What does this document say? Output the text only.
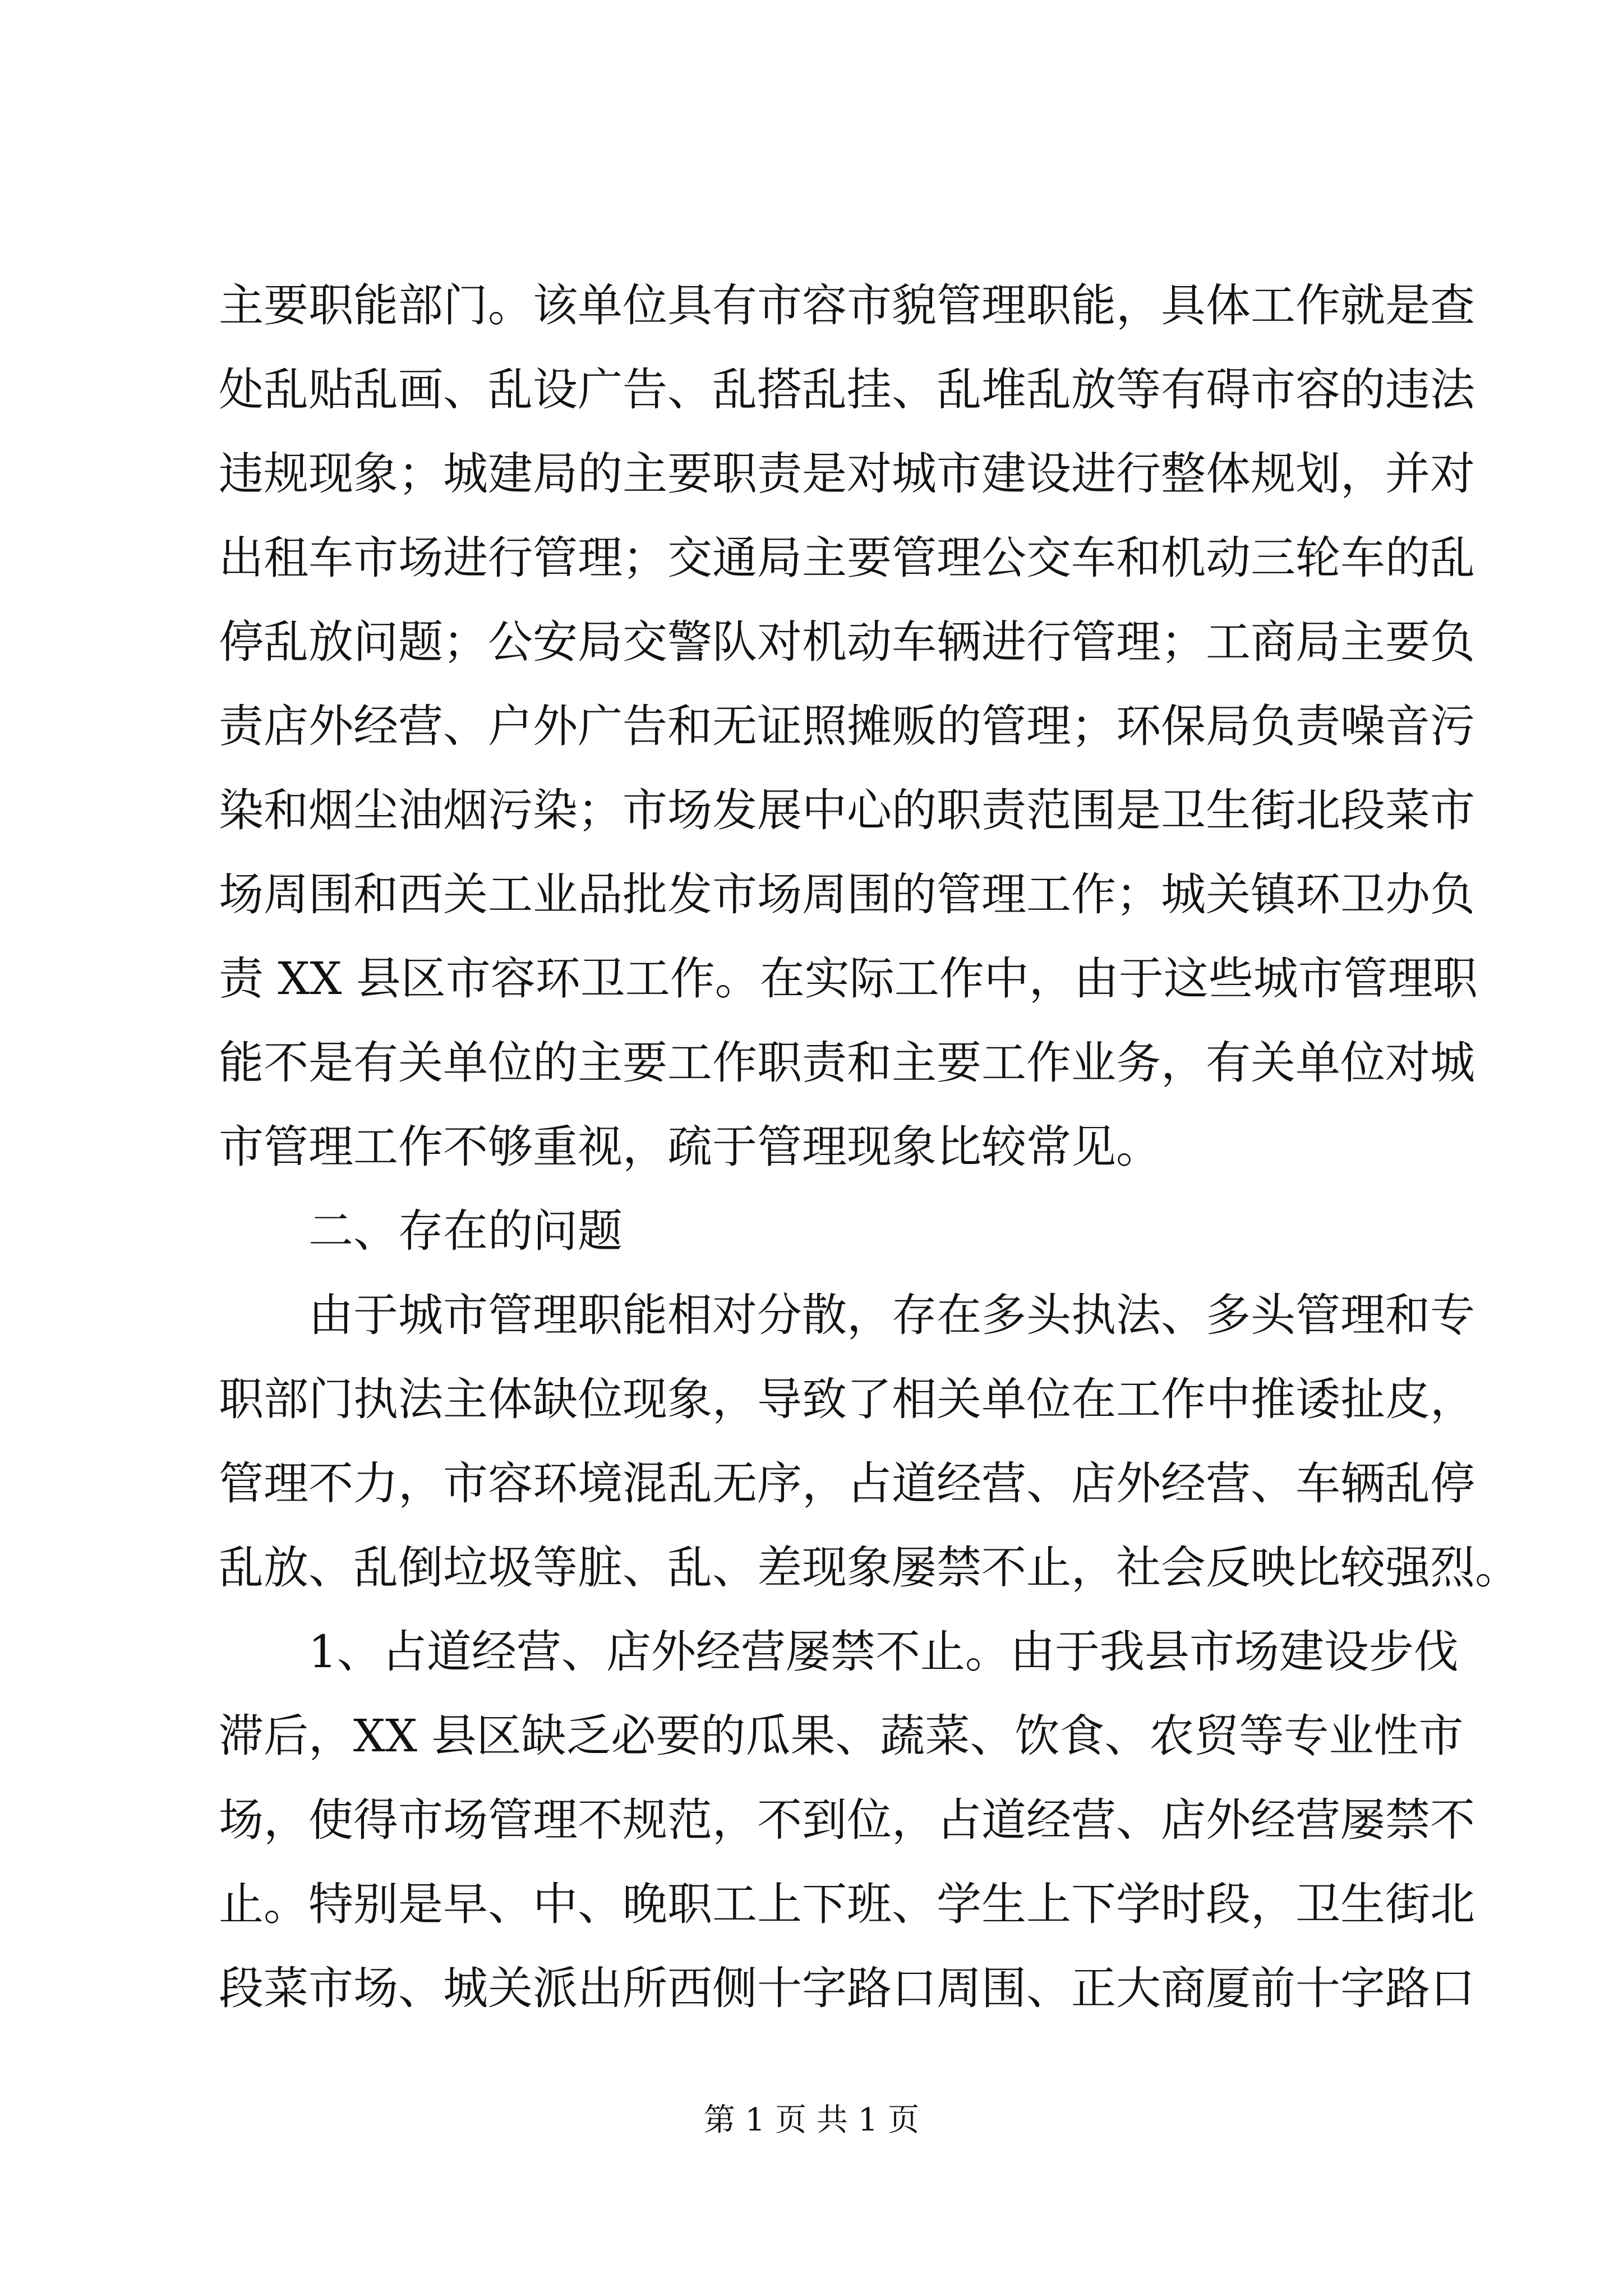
主要职能部门。该单位具有市容市貌管理职能，具体工作就是查
处乱贴乱画、乱设广告、乱搭乱挂、乱堆乱放等有碍市容的违法
违规现象；城建局的主要职责是对城市建设进行整体规划，并对
出租车市场进行管理；交通局主要管理公交车和机动三轮车的乱
停乱放问题；公安局交警队对机动车辆进行管理；工商局主要负
责店外经营、户外广告和无证照摊贩的管理；环保局负责噪音污
染和烟尘油烟污染；市场发展中心的职责范围是卫生街北段菜市
场周围和西关工业品批发市场周围的管理工作；城关镇环卫办负
责 XX 县区市容环卫工作。在实际工作中，由于这些城市管理职
能不是有关单位的主要工作职责和主要工作业务，有关单位对城
市管理工作不够重视，疏于管理现象比较常见。
二、存在的问题
由于城市管理职能相对分散，存在多头执法、多头管理和专
职部门执法主体缺位现象，导致了相关单位在工作中推诿扯皮，
管理不力，市容环境混乱无序，占道经营、店外经营、车辆乱停
乱放、乱倒垃圾等脏、乱、差现象屡禁不止，社会反映比较强烈。
1、占道经营、店外经营屡禁不止。由于我县市场建设步伐
滞后，XX 县区缺乏必要的瓜果、蔬菜、饮食、农贸等专业性市
场，使得市场管理不规范，不到位，占道经营、店外经营屡禁不
止。特别是早、中、晚职工上下班、学生上下学时段，卫生街北
段菜市场、城关派出所西侧十字路口周围、正大商厦前十字路口
第 1 页 共 1 页
